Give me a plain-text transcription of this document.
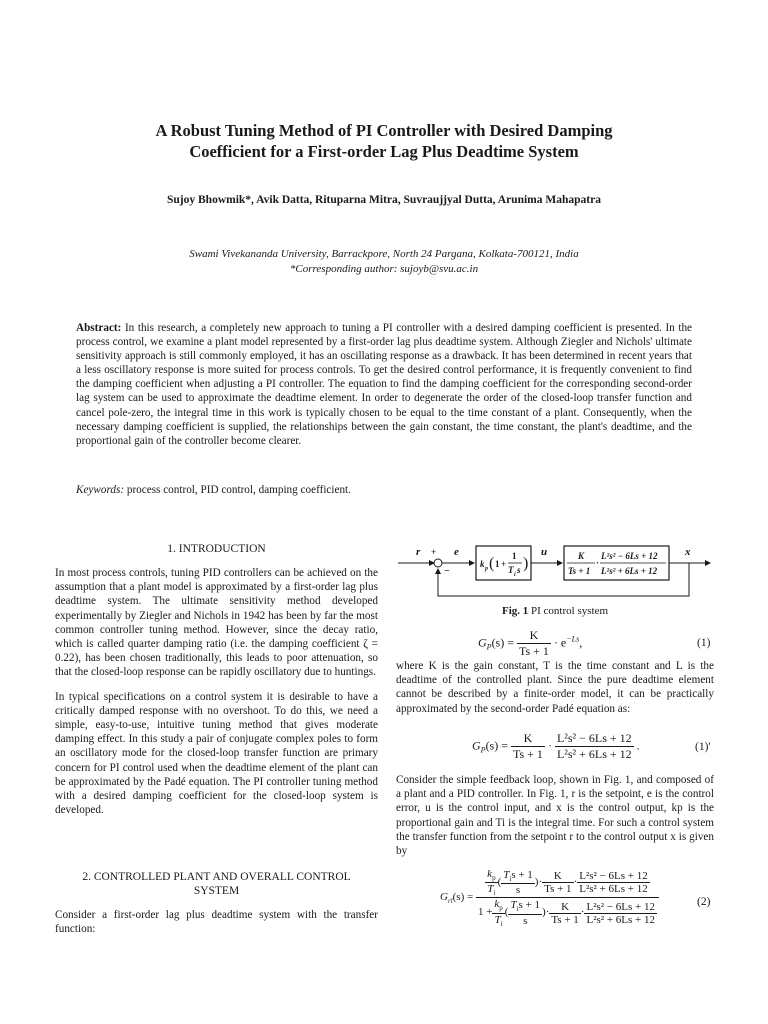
A Robust Tuning Method of PI Controller with Desired Damping
Coefficient for a First-order Lag Plus Deadtime System
Sujoy Bhowmik*, Avik Datta, Rituparna Mitra, Suvraujjyal Dutta, Arunima Mahapatra
Swami Vivekananda University, Barrackpore, North 24 Pargana, Kolkata-700121, India
*Corresponding author: sujoyb@svu.ac.in
Abstract: In this research, a completely new approach to tuning a PI controller with a desired damping coefficient is presented. In the process control, we examine a plant model represented by a first-order lag plus deadtime system. Although Ziegler and Nichols' ultimate sensitivity approach is still commonly employed, it has an oscillating response as a drawback. It has been determined in recent years that a less oscillatory response is more suited for process controls. To get the desired control performance, it is frequently convenient to find the damping coefficient when adjusting a PI controller. The equation to find the damping coefficient for the corresponding second-order lag system can be used to approximate the deadtime element. In order to degenerate the order of the closed-loop transfer function and cancel pole-zero, the integral time in this work is typically chosen to be equal to the time constant of a plant. Consequently, when the necessary damping coefficient is supplied, the relationships between the gain constant, the time constant, the plant's deadtime, and the proportional gain of the controller become clearer.
Keywords: process control, PID control, damping coefficient.
1. INTRODUCTION

In most process controls, tuning PID controllers can be achieved on the assumption that a plant model is approximated by a first-order lag plus deadtime system. The ultimate sensitivity method developed experimentally by Ziegler and Nichols in 1942 has been by far the most common controller tuning method. However, since the decay ratio, which is called quarter damping ratio (i.e. the damping coefficient ζ = 0.22), has been chosen traditionally, this leads to poor attenuation, so that the closed-loop response can be rapidly oscillatory due to huntings.

In typical specifications on a control system it is desirable to have a critically damped response with no overshoot. To do this, we need a simple, easy-to-use, intuitive tuning method that gives moderate damping effect. In this study a pair of conjugate complex poles to form an oscillatory mode for the closed-loop transfer function are primary concern for PI control used when the deadtime element of the plant can be approximated by the Padé equation. The PI controller tuning method with a desired damping coefficient for the closed-loop system is developed.

2. CONTROLLED PLANT AND OVERALL CONTROL
SYSTEM
Consider a first-order lag plus deadtime system with the transfer function:
r +
−
e
k p ( 1 +
1
T i s )
u	K
Ts + 1
·
L²s² − 6Ls + 12
L²s² + 6Ls + 12
x
Fig. 1 PI control system
$G_P(s) = \frac{K}{Ts + 1} \cdot e^{-Ls}$,	(1)
where K is the gain constant, T is the time constant and L is the deadtime of the controlled plant. Since the pure deadtime element cannot be described by a finite-order model, it can be practically approximated by the second-order Padé equation as:
$G_P(s) = \frac{K}{Ts + 1} \cdot \frac{\text{L²s² − 6Ls + 12}}{\text{L²s² + 6Ls + 12}}$ .	(1)'
Consider the simple feedback loop, shown in Fig. 1, and composed of a plant and a PID controller. In Fig. 1, r is the setpoint, e is the control error, u is the control input, and x is the control output, kp is the proportional gain and Ti is the integral time. For such a control system the transfer function from the setpoint r to the control output x is given by
$G_{rl}(s) = \frac{\frac{k_p}{T_i} ( \frac{T_is + 1}{s} )\cdot \frac{K}{Ts + 1} \cdot \frac{\text{L²s² − 6Ls + 12}}{\text{L²s² + 6Ls + 12}}}{1 + \frac{k_p}{T_i} ( \frac{T_is + 1}{s} )\cdot \frac{K}{Ts + 1} \cdot \frac{\text{L²s² − 6Ls + 12}}{\text{L²s² + 6Ls + 12}}}$	(2)
